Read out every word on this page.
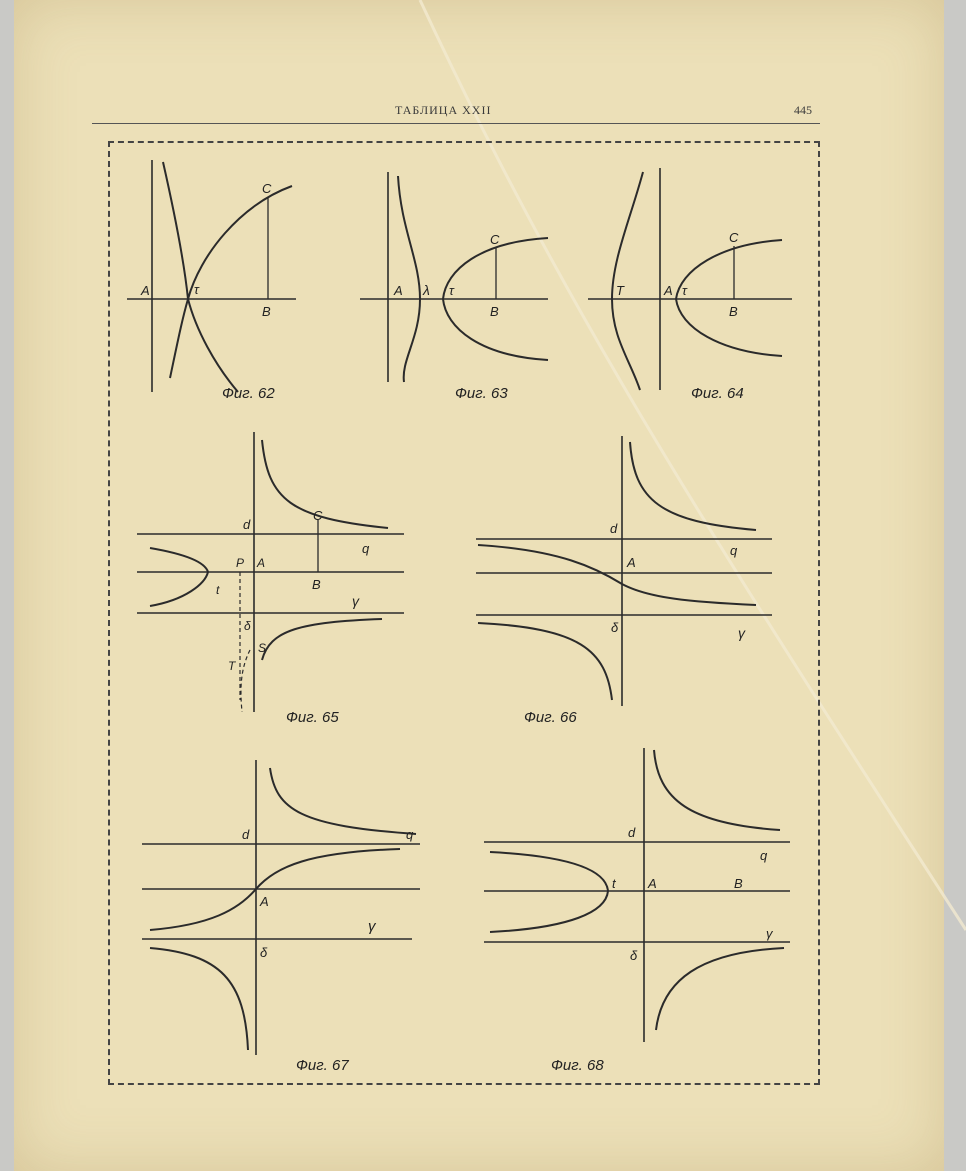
ТАБЛИЦА XXII	445
A	τ
C
B
Фиг. 62
A λ τ
C
B
Фиг. 63
T	A τ
C
B
Фиг. 64
d
C
q
P A
B
γ
t
δ
S
T
Фиг. 65
d
q
A
δ	γ
Фиг. 66
d	q
A
γ
δ
Фиг. 67
d
q
t A	B
γ
δ
Фиг. 68
